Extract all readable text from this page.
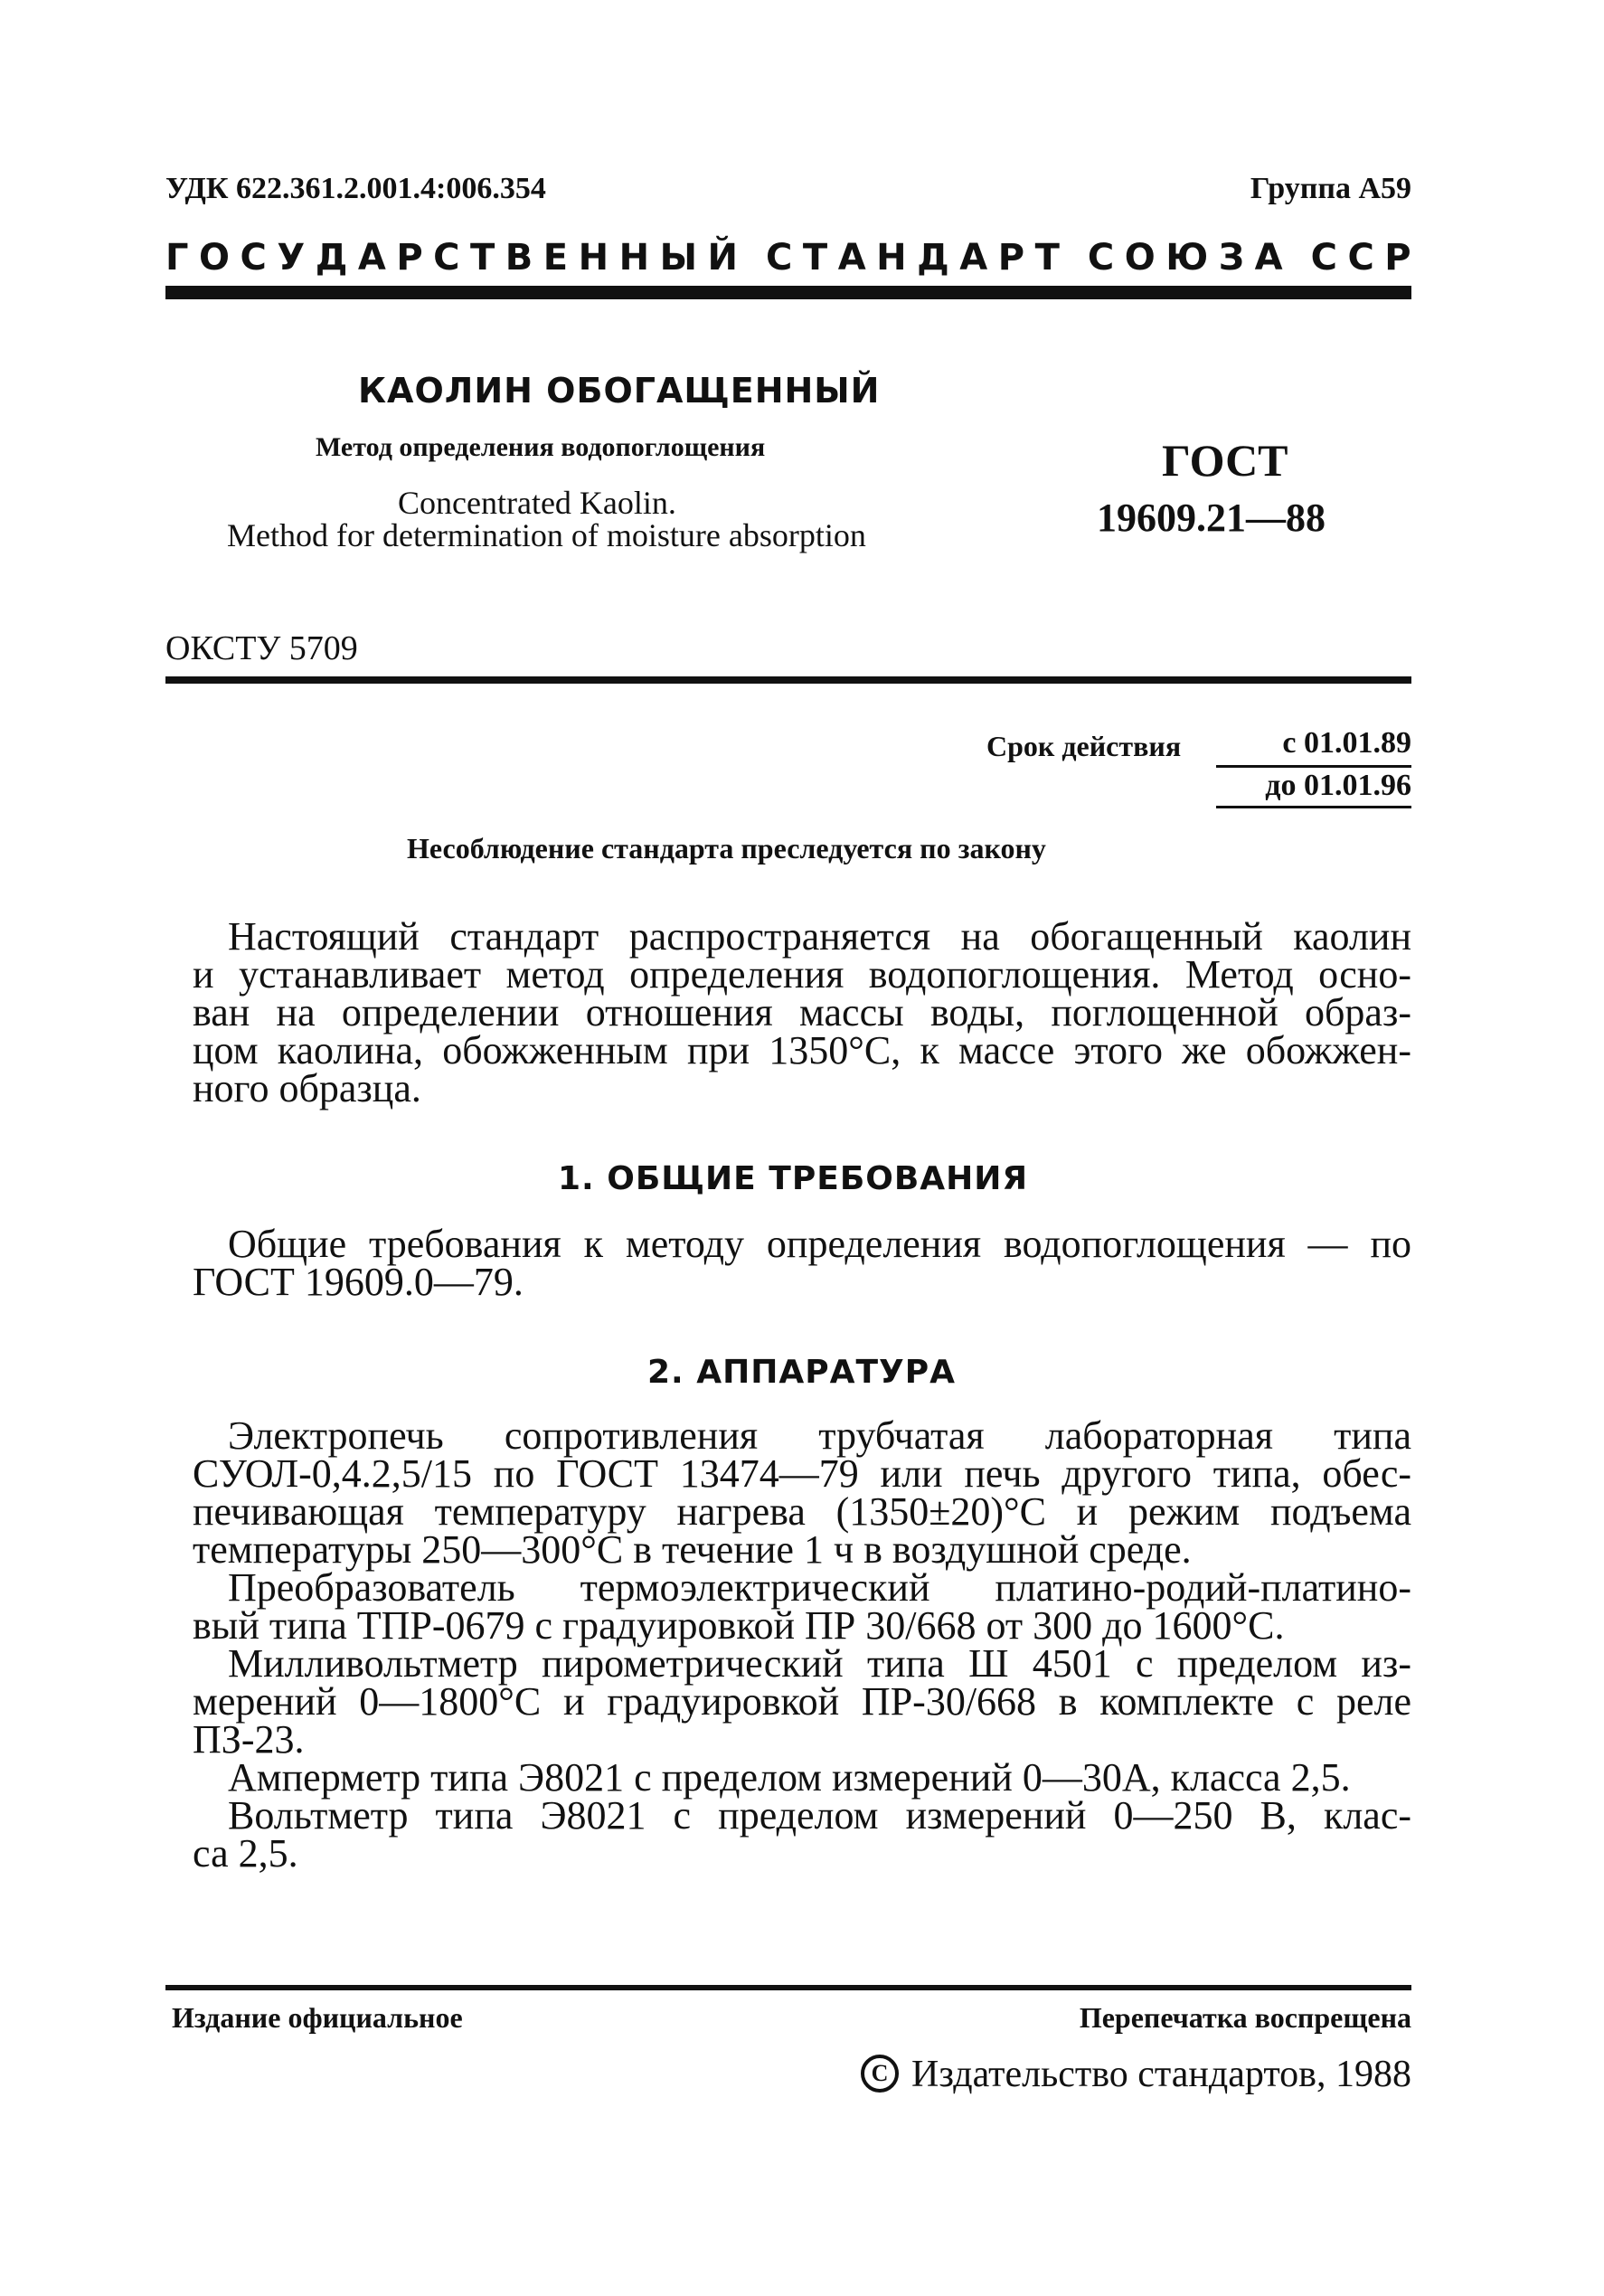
УДК 622.361.2.001.4:006.354	Группа А59
Г О С У Д А Р С Т В Е Н Н Ы Й С Т А Н Д А Р Т С О Ю З А С С Р
КАОЛИН ОБОГАЩЕННЫЙ
Метод определения водопоглощения
Concentrated Kaolin.
Method for determination of moisture absorption
ГОСТ
19609.21—88
ОКСТУ 5709
Срок действия	с 01.01.89
до 01.01.96
Несоблюдение стандарта преследуется по закону
Настоящий стандарт распространяется на обогащенный каолин
и устанавливает метод определения водопоглощения. Метод осно-
ван на определении отношения массы воды, поглощенной образ-
цом каолина, обожженным при 1350°С, к массе этого же обожжен-
ного образца.
1. ОБЩИЕ ТРЕБОВАНИЯ
Общие требования к методу определения водопоглощения — по
ГОСТ 19609.0—79.
2. АППАРАТУРА
Электропечь сопротивления трубчатая лабораторная типа
СУОЛ-0,4.2,5/15 по ГОСТ 13474—79 или печь другого типа, обес-
печивающая температуру нагрева (1350±20)°С и режим подъема
температуры 250—300°С в течение 1 ч в воздушной среде.
Преобразователь термоэлектрический платино-родий-платино-
вый типа ТПР-0679 с градуировкой ПР 30/668 от 300 до 1600°С.
Милливольтметр пирометрический типа Ш 4501 с пределом из-
мерений 0—1800°С и градуировкой ПР-30/668 в комплекте с реле
ПЗ-23.
Амперметр типа Э8021 с пределом измерений 0—30А, класса 2,5.
Вольтметр типа Э8021 с пределом измерений 0—250 В, клас-
са 2,5.
Издание официальное	Перепечатка воспрещена
C Издательство стандартов, 1988
